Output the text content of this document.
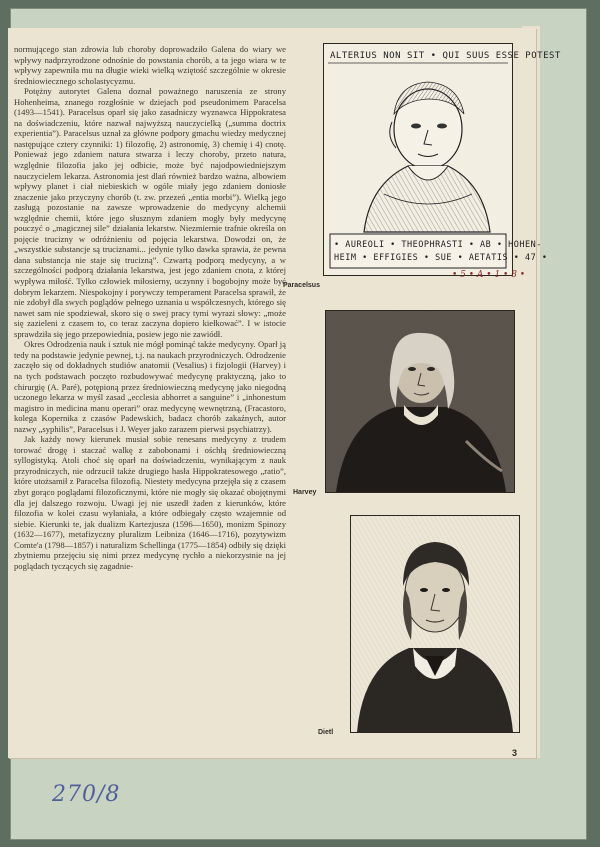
normującego stan zdrowia lub choroby doprowadziło Galena do wiary we wpływy nadprzyrodzone odnośnie do powstania chorób, a ta jego wiara w te wpływy zapewniła mu na długie wieki wielką wziętość szczególnie w okresie średniowiecznego scholastycyzmu.

Potężny autorytet Galena doznał poważnego naruszenia ze strony Hohenheima, znanego rozgłośnie w dziejach pod pseudonimem Paracelsa (1493—1541). Paracelsus oparł się jako zasadniczy wyznawca Hippokratesa na doświadczeniu, które nazwał najwyższą nauczycielką („summa doctrix experientia”). Paracelsus uznał za główne podpory gmachu wiedzy medycznej następujące cztery czynniki: 1) filozofię, 2) astronomię, 3) chemię i 4) cnotę. Ponieważ jego zdaniem natura stwarza i leczy choroby, przeto natura, względnie filozofia jako jej odbicie, może być najodpowiedniejszym nauczycielem lekarza. Astronomia jest dlań również bardzo ważna, albowiem wpływy planet i ciał niebieskich w ogóle miały jego zdaniem doniosłe znaczenie jako przyczyny chorób (t. zw. przezeń „entia morbi”). Wielką jego zasługą pozostanie na zawsze wprowadzenie do medycyny alchemii względnie chemii, które jego słusznym zdaniem mogły były medycynę pouczyć o „magicznej sile” działania lekarstw. Niezmiernie trafnie określa on pojęcie trucizny w odróżnieniu od pojęcia lekarstwa. Dowodzi on, że „wszystkie substancje są truciznami... jedynie tylko dawka sprawia, że pewna dana substancja nie staje się trucizną”. Czwartą podporą medycyny, a w szczególności podporą działania lekarstwa, jest jego zdaniem cnota, z której wypływa miłość. Tylko człowiek miłosierny, uczynny i bogobojny może być dobrym lekarzem. Niespokojny i porywczy temperament Paracelsa sprawił, że nie zdobył dla swych poglądów pełnego uznania u współczesnych, którego się nawet sam nie spodziewał, skoro się o swej pracy tymi wyrazi słowy: „może się zazieleni z czasem to, co teraz zaczyna dopiero kiełkować”. I w istocie sprawdziła się jego przepowiednia, posiew jego nie zawiódł.

Okres Odrodzenia nauk i sztuk nie mógł pominąć także medycyny. Oparł ją tedy na podstawie jedynie pewnej, t.j. na naukach przyrodniczych. Odrodzenie zaczęło się od dokładnych studiów anatomii (Vesalius) i fizjologii (Harvey) i na tych podstawach poczęto rozbudowywać medycynę praktyczną, jako to chirurgię (A. Paré), potępioną przez średniowieczną medycynę jako niegodną uczonego lekarza w myśl zasad „ecclesia abhorret a sanguine” i „inhonestum magistro in medicina manu operari” oraz medycynę wewnętrzną, (Fracastoro, kolega Kopernika z czasów Padewskich, badacz chorób zakaźnych, autor nazwy „syphilis”, Paracelsus i J. Weyer jako zarazem pierwsi psychiatrzy).

Jak każdy nowy kierunek musiał sobie renesans medycyny z trudem torować drogę i staczać walkę z zabobonami i ośchłą średniowieczną syllogistyką. Atoli choć się oparł na doświadczeniu, wynikającym z nauk przyrodniczych, nie odrzucił także drugiego hasła Hippokratesowego „ratio”, które utożsamił z Paracelsa filozofią. Niestety medycyna przejęła się z czasem zbyt gorąco poglądami filozoficznymi, które nie mogły się okazać obojętnymi dla jej dalszego rozwoju. Uwagi jej nie uszedł żaden z kierunków, które filozofia w kolei czasu wyłaniała, a które odbiegały często wzajemnie od siebie. Kierunki te, jak dualizm Kartezjusza (1596—1650), monizm Spinozy (1632—1677), metafizyczny pluralizm Leibniza (1646—1716), pozytywizm Comte'a (1798—1857) i naturalizm Schellinga (1775—1854) odbiły się dzięki zbytniemu przejęciu się nimi przez medycynę rychło a niekorzystnie na jej poglądach tyczących się zagadnie-

ALTERIUS NON SIT • QUI SUUS ESSE POTEST
• AUREOLI • THEOPHRASTI • AB • HOHEN-
HEIM • EFFIGIES • SUE • AETATIS • 47 •
• 5 • A • 1 • 8 •
Paracelsus
Harvey
Dietl
3
270/8
